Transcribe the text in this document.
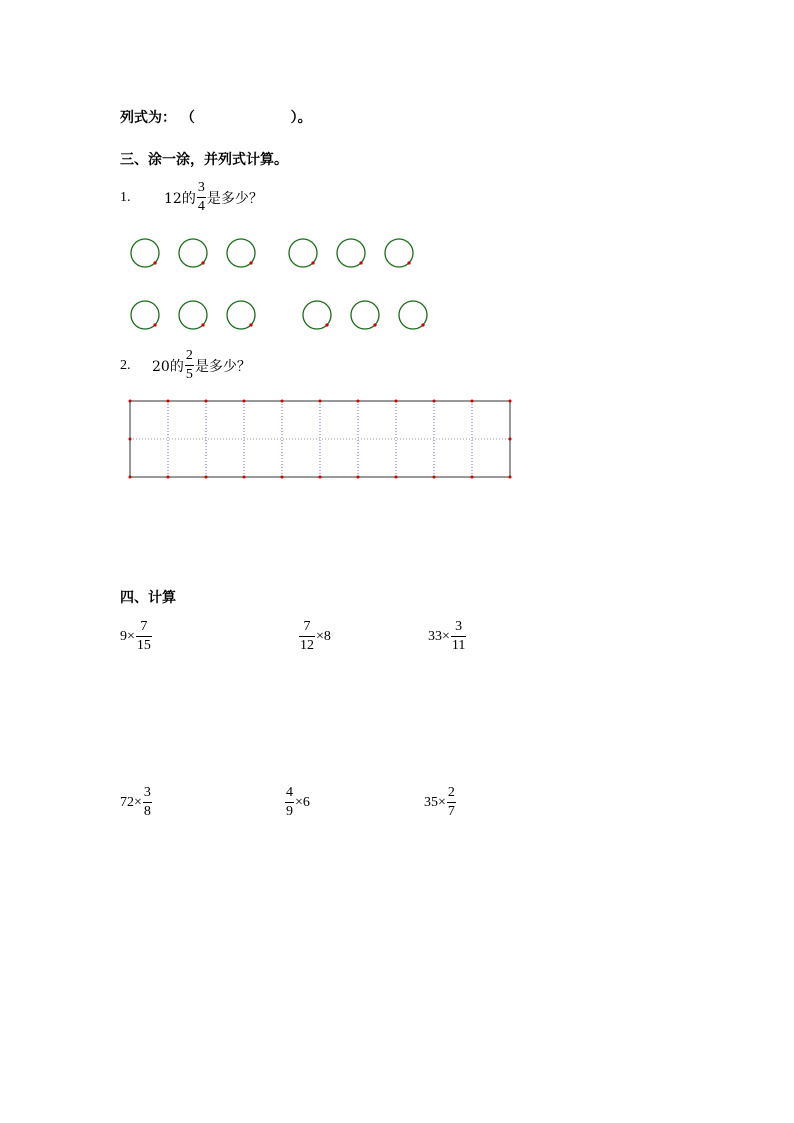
列式为： （	）。
三、涂一涂，并列式计算。
1.	12的 $\frac{3}{4}$ 是多少？
2.	20的 $\frac{2}{5}$ 是多少？
四、计算
$9\times \frac{7}{15}$	$\frac{7}{12} \times 8$	$33\times \frac{3}{11}$
$72\times \frac{3}{8}$	$\frac{4}{9} \times 6$	$35\times \frac{2}{7}$
